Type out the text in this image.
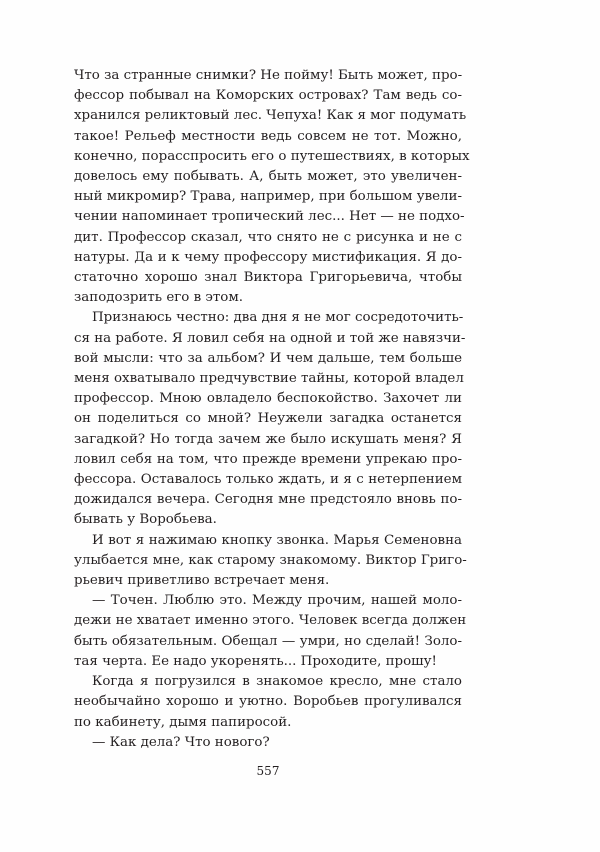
Что за странные снимки? Не пойму! Быть может, про-
фессор побывал на Коморских островах? Там ведь со-
хранился реликтовый лес. Чепуха! Как я мог подумать
такое! Рельеф местности ведь совсем не тот. Можно,
конечно, порасспросить его о путешествиях, в которых
довелось ему побывать. А, быть может, это увеличен-
ный микромир? Трава, например, при большом увели-
чении напоминает тропический лес... Нет — не подхо-
дит. Профессор сказал, что снято не с рисунка и не с
натуры. Да и к чему профессору мистификация. Я до-
статочно хорошо знал Виктора Григорьевича, чтобы
заподозрить его в этом.

Признаюсь честно: два дня я не мог сосредоточить-
ся на работе. Я ловил себя на одной и той же навязчи-
вой мысли: что за альбом? И чем дальше, тем больше
меня охватывало предчувствие тайны, которой владел
профессор. Мною овладело беспокойство. Захочет ли
он поделиться со мной? Неужели загадка останется
загадкой? Но тогда зачем же было искушать меня? Я
ловил себя на том, что прежде времени упрекаю про-
фессора. Оставалось только ждать, и я с нетерпением
дожидался вечера. Сегодня мне предстояло вновь по-
бывать у Воробьева.

И вот я нажимаю кнопку звонка. Марья Семеновна
улыбается мне, как старому знакомому. Виктор Григо-
рьевич приветливо встречает меня.

— Точен. Люблю это. Между прочим, нашей моло-
дежи не хватает именно этого. Человек всегда должен
быть обязательным. Обещал — умри, но сделай! Золо-
тая черта. Ее надо укоренять... Проходите, прошу!

Когда я погрузился в знакомое кресло, мне стало
необычайно хорошо и уютно. Воробьев прогуливался
по кабинету, дымя папиросой.

— Как дела? Что нового?

557
